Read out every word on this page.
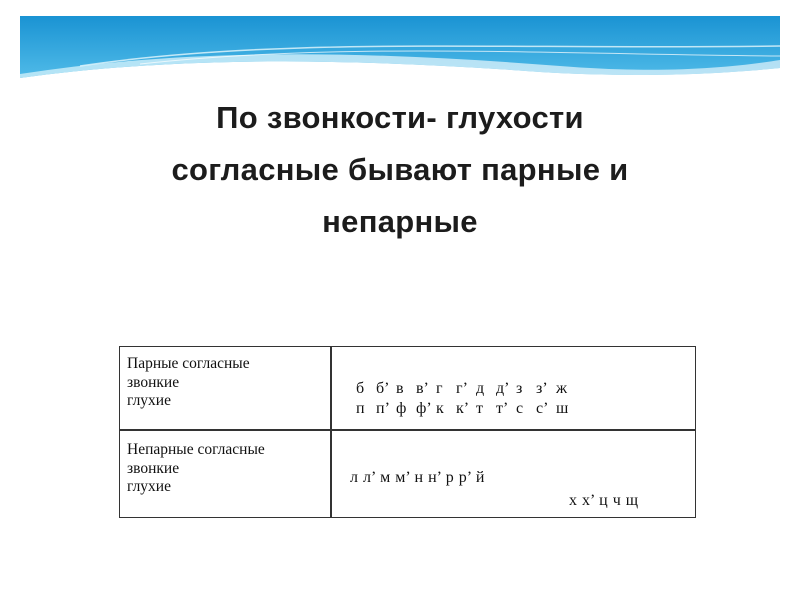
По звонкости- глухости
согласные бывают парные и
непарные
Парные согласные
звонкие
глухие
б б’ в в’ г г’ д д’ з з’ ж
п п’ ф ф’ к к’ т т’ с с’ ш
Непарные согласные
звонкие
глухие
л л’ м м’ н н’ р р’ й
х х’ ц ч щ
